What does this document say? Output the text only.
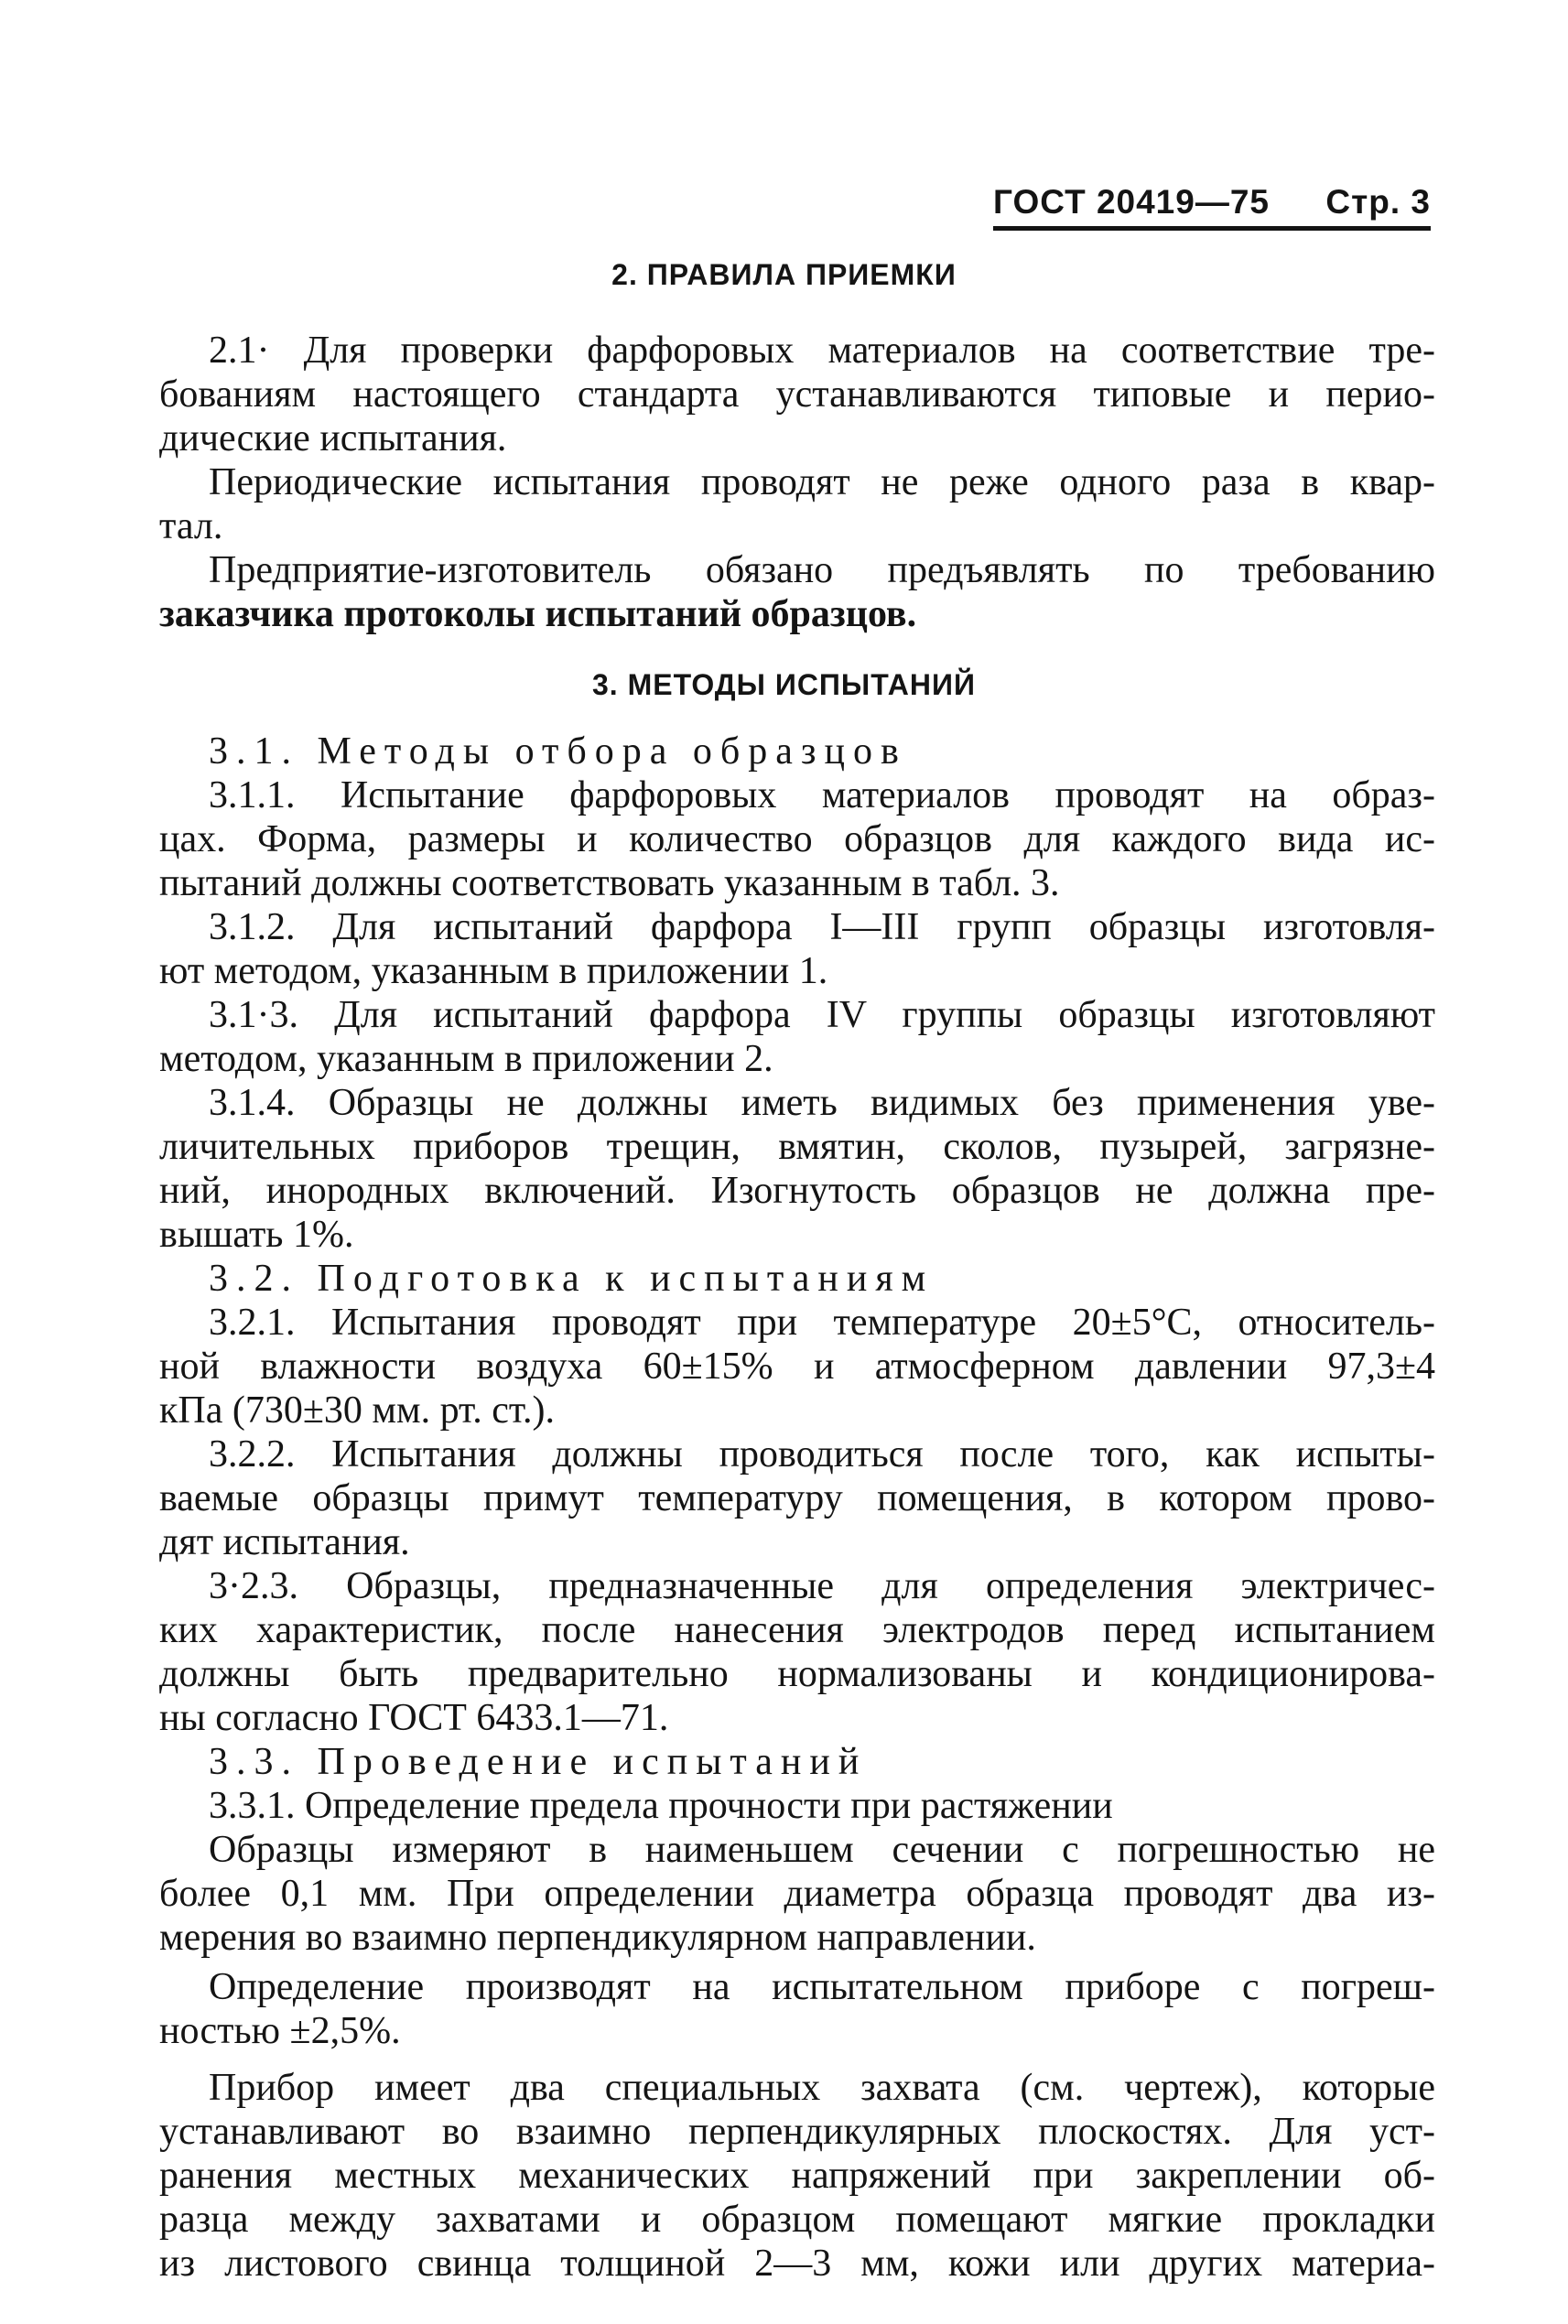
ГОСТ 20419—75 Стр. 3
2. ПРАВИЛА ПРИЕМКИ
2.1· Для проверки фарфоровых материалов на соответствие тре-
бованиям настоящего стандарта устанавливаются типовые и перио-
дические испытания.
Периодические испытания проводят не реже одного раза в квар-
тал.
Предприятие-изготовитель обязано предъявлять по требованию
заказчика протоколы испытаний образцов.
3. МЕТОДЫ ИСПЫТАНИЙ
3.1. Методы отбора образцов
3.1.1. Испытание фарфоровых материалов проводят на образ-
цах. Форма, размеры и количество образцов для каждого вида ис-
пытаний должны соответствовать указанным в табл. 3.
3.1.2. Для испытаний фарфора I—III групп образцы изготовля-
ют методом, указанным в приложении 1.
3.1·3. Для испытаний фарфора IV группы образцы изготовляют
методом, указанным в приложении 2.
3.1.4. Образцы не должны иметь видимых без применения уве-
личительных приборов трещин, вмятин, сколов, пузырей, загрязне-
ний, инородных включений. Изогнутость образцов не должна пре-
вышать 1%.
3.2. Подготовка к испытаниям
3.2.1. Испытания проводят при температуре 20±5°С, относитель-
ной влажности воздуха 60±15% и атмосферном давлении 97,3±4
кПа (730±30 мм. рт. ст.).
3.2.2. Испытания должны проводиться после того, как испыты-
ваемые образцы примут температуру помещения, в котором прово-
дят испытания.
3·2.3. Образцы, предназначенные для определения электричес-
ких характеристик, после нанесения электродов перед испытанием
должны быть предварительно нормализованы и кондиционирова-
ны согласно ГОСТ 6433.1—71.
3.3. Проведение испытаний
3.3.1. Определение предела прочности при растяжении
Образцы измеряют в наименьшем сечении с погрешностью не
более 0,1 мм. При определении диаметра образца проводят два из-
мерения во взаимно перпендикулярном направлении.
Определение производят на испытательном приборе с погреш-
ностью ±2,5%.
Прибор имеет два специальных захвата (см. чертеж), которые
устанавливают во взаимно перпендикулярных плоскостях. Для уст-
ранения местных механических напряжений при закреплении об-
разца между захватами и образцом помещают мягкие прокладки
из листового свинца толщиной 2—3 мм, кожи или других материа-
